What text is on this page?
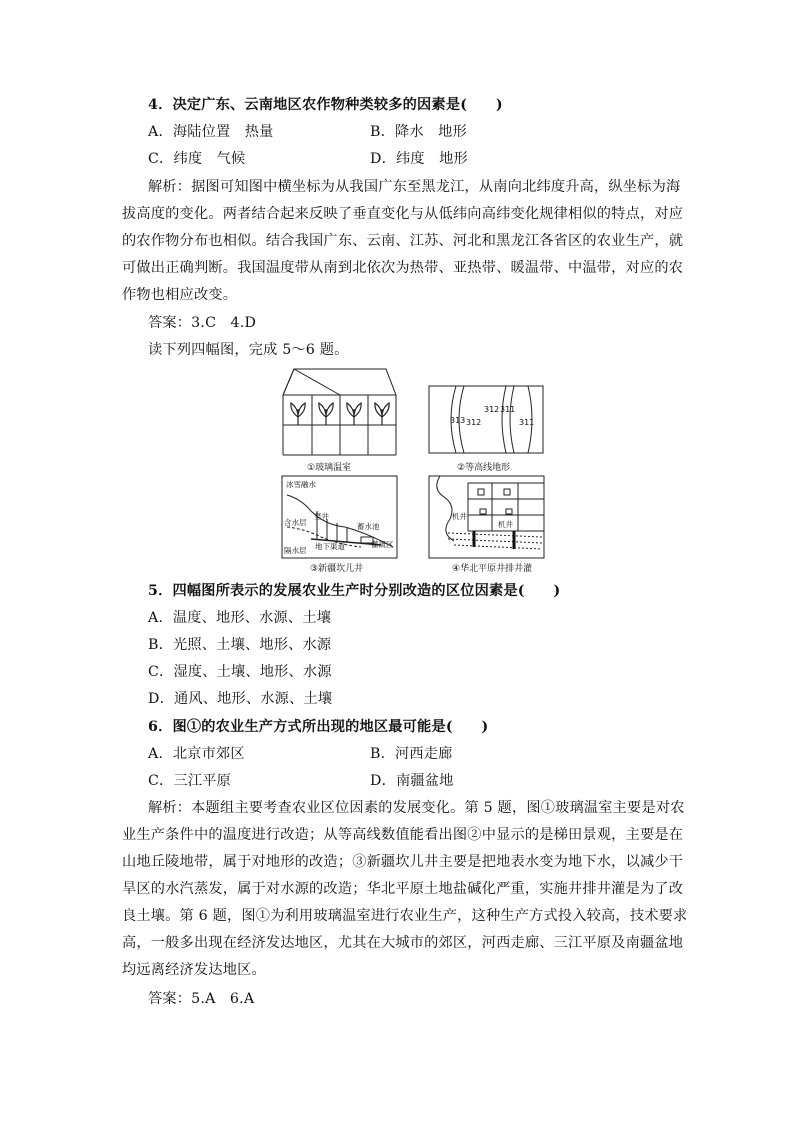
4．决定广东、云南地区农作物种类较多的因素是(　　)
A．海陆位置　热量	B．降水　地形
C．纬度　气候	D．纬度　地形
解析：据图可知图中横坐标为从我国广东至黑龙江，从南向北纬度升高，纵坐标为海
拔高度的变化。两者结合起来反映了垂直变化与从低纬向高纬变化规律相似的特点，对应
的农作物分布也相似。结合我国广东、云南、江苏、河北和黑龙江各省区的农业生产，就
可做出正确判断。我国温度带从南到北依次为热带、亚热带、暖温带、中温带，对应的农
作物也相应改变。
答案：3.C　4.D
读下列四幅图，完成 5～6 题。
①玻璃温室
313 312
312 311
311
②等高线地形
冰雪融水
竖井
含水层	蓄水池
隔水层 地下渠道	灌溉区
③新疆坎儿井
机井
机井
④华北平原井排井灌
5．四幅图所表示的发展农业生产时分别改造的区位因素是(　　)
A．温度、地形、水源、土壤
B．光照、土壤、地形、水源
C．湿度、土壤、地形、水源
D．通风、地形、水源、土壤
6．图①的农业生产方式所出现的地区最可能是(　　)
A．北京市郊区	B．河西走廊
C．三江平原	D．南疆盆地
解析：本题组主要考查农业区位因素的发展变化。第 5 题，图①玻璃温室主要是对农
业生产条件中的温度进行改造；从等高线数值能看出图②中显示的是梯田景观，主要是在
山地丘陵地带，属于对地形的改造；③新疆坎儿井主要是把地表水变为地下水，以减少干
旱区的水汽蒸发，属于对水源的改造；华北平原土地盐碱化严重，实施井排井灌是为了改
良土壤。第 6 题，图①为利用玻璃温室进行农业生产，这种生产方式投入较高，技术要求
高，一般多出现在经济发达地区，尤其在大城市的郊区，河西走廊、三江平原及南疆盆地
均远离经济发达地区。
答案：5.A　6.A
